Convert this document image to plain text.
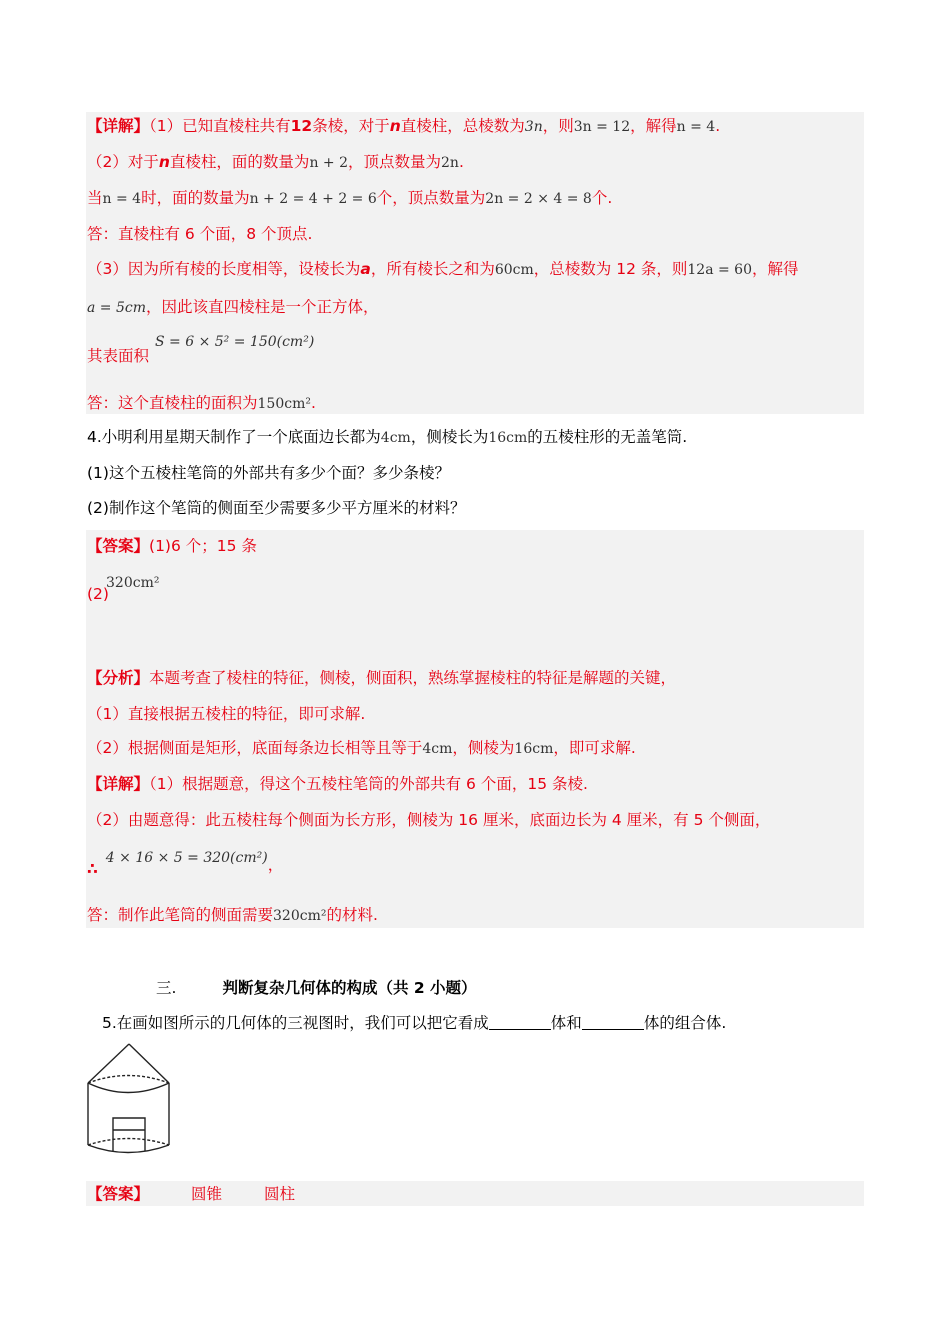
【详解】（1）已知直棱柱共有12条棱，对于n直棱柱，总棱数为3n，则3n = 12，解得n = 4.
（2）对于n直棱柱，面的数量为n + 2，顶点数量为2n.
当n = 4时，面的数量为n + 2 = 4 + 2 = 6个，顶点数量为2n = 2 × 4 = 8个.
答：直棱柱有 6 个面，8 个顶点.
（3）因为所有棱的长度相等，设棱长为a，所有棱长之和为60cm，总棱数为 12 条，则12a = 60，解得
a = 5cm，因此该直四棱柱是一个正方体，
S = 6 × 5² = 150(cm²)
其表面积
答：这个直棱柱的面积为150cm².
4.小明利用星期天制作了一个底面边长都为4cm，侧棱长为16cm的五棱柱形的无盖笔筒.
(1)这个五棱柱笔筒的外部共有多少个面？多少条棱？
(2)制作这个笔筒的侧面至少需要多少平方厘米的材料？
【答案】(1)6 个；15 条
320cm²
(2)
【分析】本题考查了棱柱的特征，侧棱，侧面积，熟练掌握棱柱的特征是解题的关键，
（1）直接根据五棱柱的特征，即可求解.
（2）根据侧面是矩形，底面每条边长相等且等于4cm，侧棱为16cm，即可求解.
【详解】（1）根据题意，得这个五棱柱笔筒的外部共有 6 个面，15 条棱.
（2）由题意得：此五棱柱每个侧面为长方形，侧棱为 16 厘米，底面边长为 4 厘米，有 5 个侧面，
∴4 × 16 × 5 = 320(cm²)，
答：制作此笔筒的侧面需要320cm²的材料.
三.	判断复杂几何体的构成（共 2 小题）
5.在画如图所示的几何体的三视图时，我们可以把它看成	体和	体的组合体.
【答案】	圆锥	圆柱
